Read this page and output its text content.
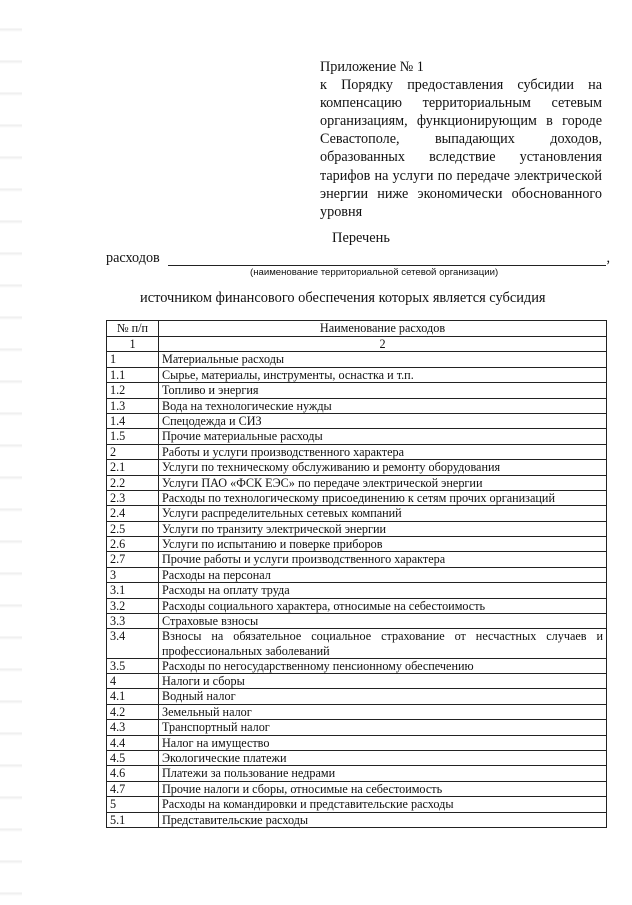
Приложение № 1
к Порядку предоставления субсидии на компенсацию территориальным сетевым организациям, функционирующим в городе Севастополе, выпадающих доходов, образованных вследствие установления тарифов на услуги по передаче электрической энергии ниже экономически обоснованного уровня
Перечень
расходов	,
(наименование территориальной сетевой организации)
источником финансового обеспечения которых является субсидия
№ п/п	Наименование расходов
1	2
1	Материальные расходы
1.1	Сырье, материалы, инструменты, оснастка и т.п.
1.2	Топливо и энергия
1.3	Вода на технологические нужды
1.4	Спецодежда и СИЗ
1.5	Прочие материальные расходы
2	Работы и услуги производственного характера
2.1	Услуги по техническому обслуживанию и ремонту оборудования
2.2	Услуги ПАО «ФСК ЕЭС» по передаче электрической энергии
2.3	Расходы по технологическому присоединению к сетям прочих организаций
2.4	Услуги распределительных сетевых компаний
2.5	Услуги по транзиту электрической энергии
2.6	Услуги по испытанию и поверке приборов
2.7	Прочие работы и услуги производственного характера
3	Расходы на персонал
3.1	Расходы на оплату труда
3.2	Расходы социального характера, относимые на себестоимость
3.3	Страховые взносы
3.4	Взносы на обязательное социальное страхование от несчастных случаев и профессиональных заболеваний
3.5	Расходы по негосударственному пенсионному обеспечению
4	Налоги и сборы
4.1	Водный налог
4.2	Земельный налог
4.3	Транспортный налог
4.4	Налог на имущество
4.5	Экологические платежи
4.6	Платежи за пользование недрами
4.7	Прочие налоги и сборы, относимые на себестоимость
5	Расходы на командировки и представительские расходы
5.1	Представительские расходы
